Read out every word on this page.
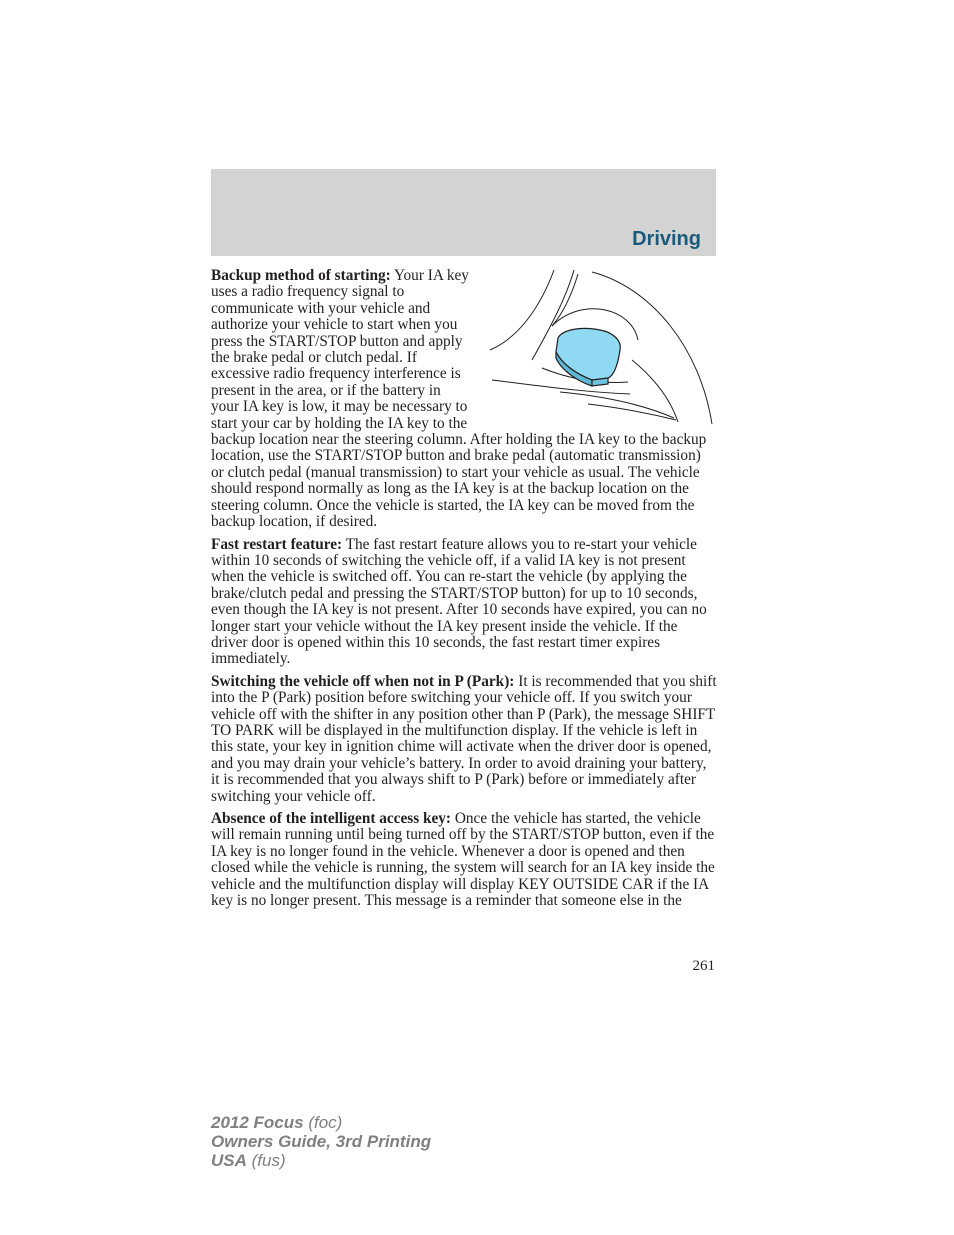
Driving

Backup method of starting: Your IA key uses a radio frequency signal to communicate with your vehicle and authorize your vehicle to start when you press the START/STOP button and apply the brake pedal or clutch pedal. If excessive radio frequency interference is present in the area, or if the battery in your IA key is low, it may be necessary to start your car by holding the IA key to the backup location near the steering column. After holding the IA key to the backup location, use the START/STOP button and brake pedal (automatic transmission) or clutch pedal (manual transmission) to start your vehicle as usual. The vehicle should respond normally as long as the IA key is at the backup location on the steering column. Once the vehicle is started, the IA key can be moved from the backup location, if desired.

Fast restart feature: The fast restart feature allows you to re-start your vehicle within 10 seconds of switching the vehicle off, if a valid IA key is not present when the vehicle is switched off. You can re-start the vehicle (by applying the brake/clutch pedal and pressing the START/STOP button) for up to 10 seconds, even though the IA key is not present. After 10 seconds have expired, you can no longer start your vehicle without the IA key present inside the vehicle. If the driver door is opened within this 10 seconds, the fast restart timer expires immediately.

Switching the vehicle off when not in P (Park): It is recommended that you shift into the P (Park) position before switching your vehicle off. If you switch your vehicle off with the shifter in any position other than P (Park), the message SHIFT TO PARK will be displayed in the multifunction display. If the vehicle is left in this state, your key in ignition chime will activate when the driver door is opened, and you may drain your vehicle’s battery. In order to avoid draining your battery, it is recommended that you always shift to P (Park) before or immediately after switching your vehicle off.

Absence of the intelligent access key: Once the vehicle has started, the vehicle will remain running until being turned off by the START/STOP button, even if the IA key is no longer found in the vehicle. Whenever a door is opened and then closed while the vehicle is running, the system will search for an IA key inside the vehicle and the multifunction display will display KEY OUTSIDE CAR if the IA key is no longer present. This message is a reminder that someone else in the

261
2012 Focus (foc)
Owners Guide, 3rd Printing
USA (fus)
